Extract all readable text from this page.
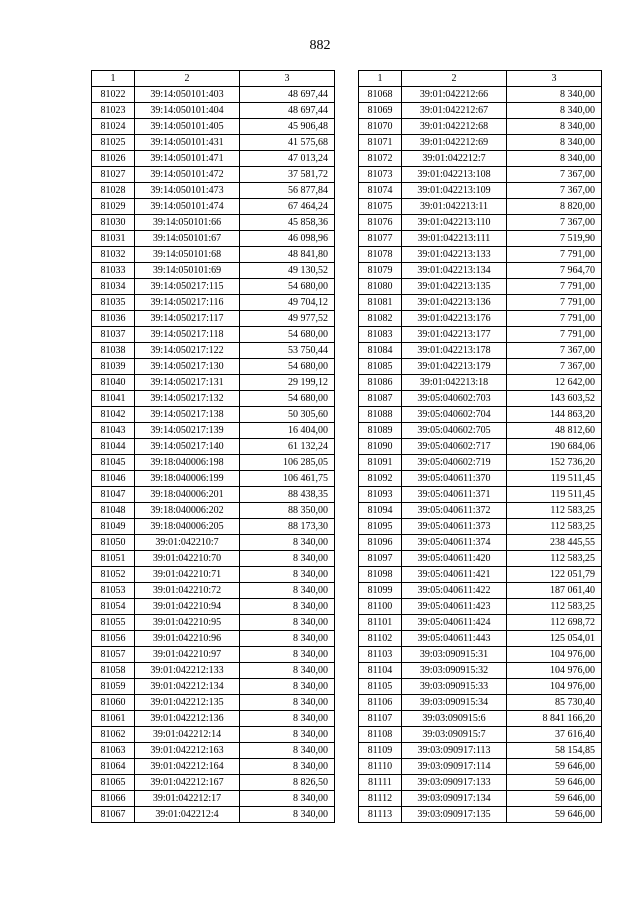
882
1	2	3
81022	39:14:050101:403	48 697,44
81023	39:14:050101:404	48 697,44
81024	39:14:050101:405	45 906,48
81025	39:14:050101:431	41 575,68
81026	39:14:050101:471	47 013,24
81027	39:14:050101:472	37 581,72
81028	39:14:050101:473	56 877,84
81029	39:14:050101:474	67 464,24
81030	39:14:050101:66	45 858,36
81031	39:14:050101:67	46 098,96
81032	39:14:050101:68	48 841,80
81033	39:14:050101:69	49 130,52
81034	39:14:050217:115	54 680,00
81035	39:14:050217:116	49 704,12
81036	39:14:050217:117	49 977,52
81037	39:14:050217:118	54 680,00
81038	39:14:050217:122	53 750,44
81039	39:14:050217:130	54 680,00
81040	39:14:050217:131	29 199,12
81041	39:14:050217:132	54 680,00
81042	39:14:050217:138	50 305,60
81043	39:14:050217:139	16 404,00
81044	39:14:050217:140	61 132,24
81045	39:18:040006:198	106 285,05
81046	39:18:040006:199	106 461,75
81047	39:18:040006:201	88 438,35
81048	39:18:040006:202	88 350,00
81049	39:18:040006:205	88 173,30
81050	39:01:042210:7	8 340,00
81051	39:01:042210:70	8 340,00
81052	39:01:042210:71	8 340,00
81053	39:01:042210:72	8 340,00
81054	39:01:042210:94	8 340,00
81055	39:01:042210:95	8 340,00
81056	39:01:042210:96	8 340,00
81057	39:01:042210:97	8 340,00
81058	39:01:042212:133	8 340,00
81059	39:01:042212:134	8 340,00
81060	39:01:042212:135	8 340,00
81061	39:01:042212:136	8 340,00
81062	39:01:042212:14	8 340,00
81063	39:01:042212:163	8 340,00
81064	39:01:042212:164	8 340,00
81065	39:01:042212:167	8 826,50
81066	39:01:042212:17	8 340,00
81067	39:01:042212:4	8 340,00
1	2	3
81068	39:01:042212:66	8 340,00
81069	39:01:042212:67	8 340,00
81070	39:01:042212:68	8 340,00
81071	39:01:042212:69	8 340,00
81072	39:01:042212:7	8 340,00
81073	39:01:042213:108	7 367,00
81074	39:01:042213:109	7 367,00
81075	39:01:042213:11	8 820,00
81076	39:01:042213:110	7 367,00
81077	39:01:042213:111	7 519,90
81078	39:01:042213:133	7 791,00
81079	39:01:042213:134	7 964,70
81080	39:01:042213:135	7 791,00
81081	39:01:042213:136	7 791,00
81082	39:01:042213:176	7 791,00
81083	39:01:042213:177	7 791,00
81084	39:01:042213:178	7 367,00
81085	39:01:042213:179	7 367,00
81086	39:01:042213:18	12 642,00
81087	39:05:040602:703	143 603,52
81088	39:05:040602:704	144 863,20
81089	39:05:040602:705	48 812,60
81090	39:05:040602:717	190 684,06
81091	39:05:040602:719	152 736,20
81092	39:05:040611:370	119 511,45
81093	39:05:040611:371	119 511,45
81094	39:05:040611:372	112 583,25
81095	39:05:040611:373	112 583,25
81096	39:05:040611:374	238 445,55
81097	39:05:040611:420	112 583,25
81098	39:05:040611:421	122 051,79
81099	39:05:040611:422	187 061,40
81100	39:05:040611:423	112 583,25
81101	39:05:040611:424	112 698,72
81102	39:05:040611:443	125 054,01
81103	39:03:090915:31	104 976,00
81104	39:03:090915:32	104 976,00
81105	39:03:090915:33	104 976,00
81106	39:03:090915:34	85 730,40
81107	39:03:090915:6	8 841 166,20
81108	39:03:090915:7	37 616,40
81109	39:03:090917:113	58 154,85
81110	39:03:090917:114	59 646,00
81111	39:03:090917:133	59 646,00
81112	39:03:090917:134	59 646,00
81113	39:03:090917:135	59 646,00
